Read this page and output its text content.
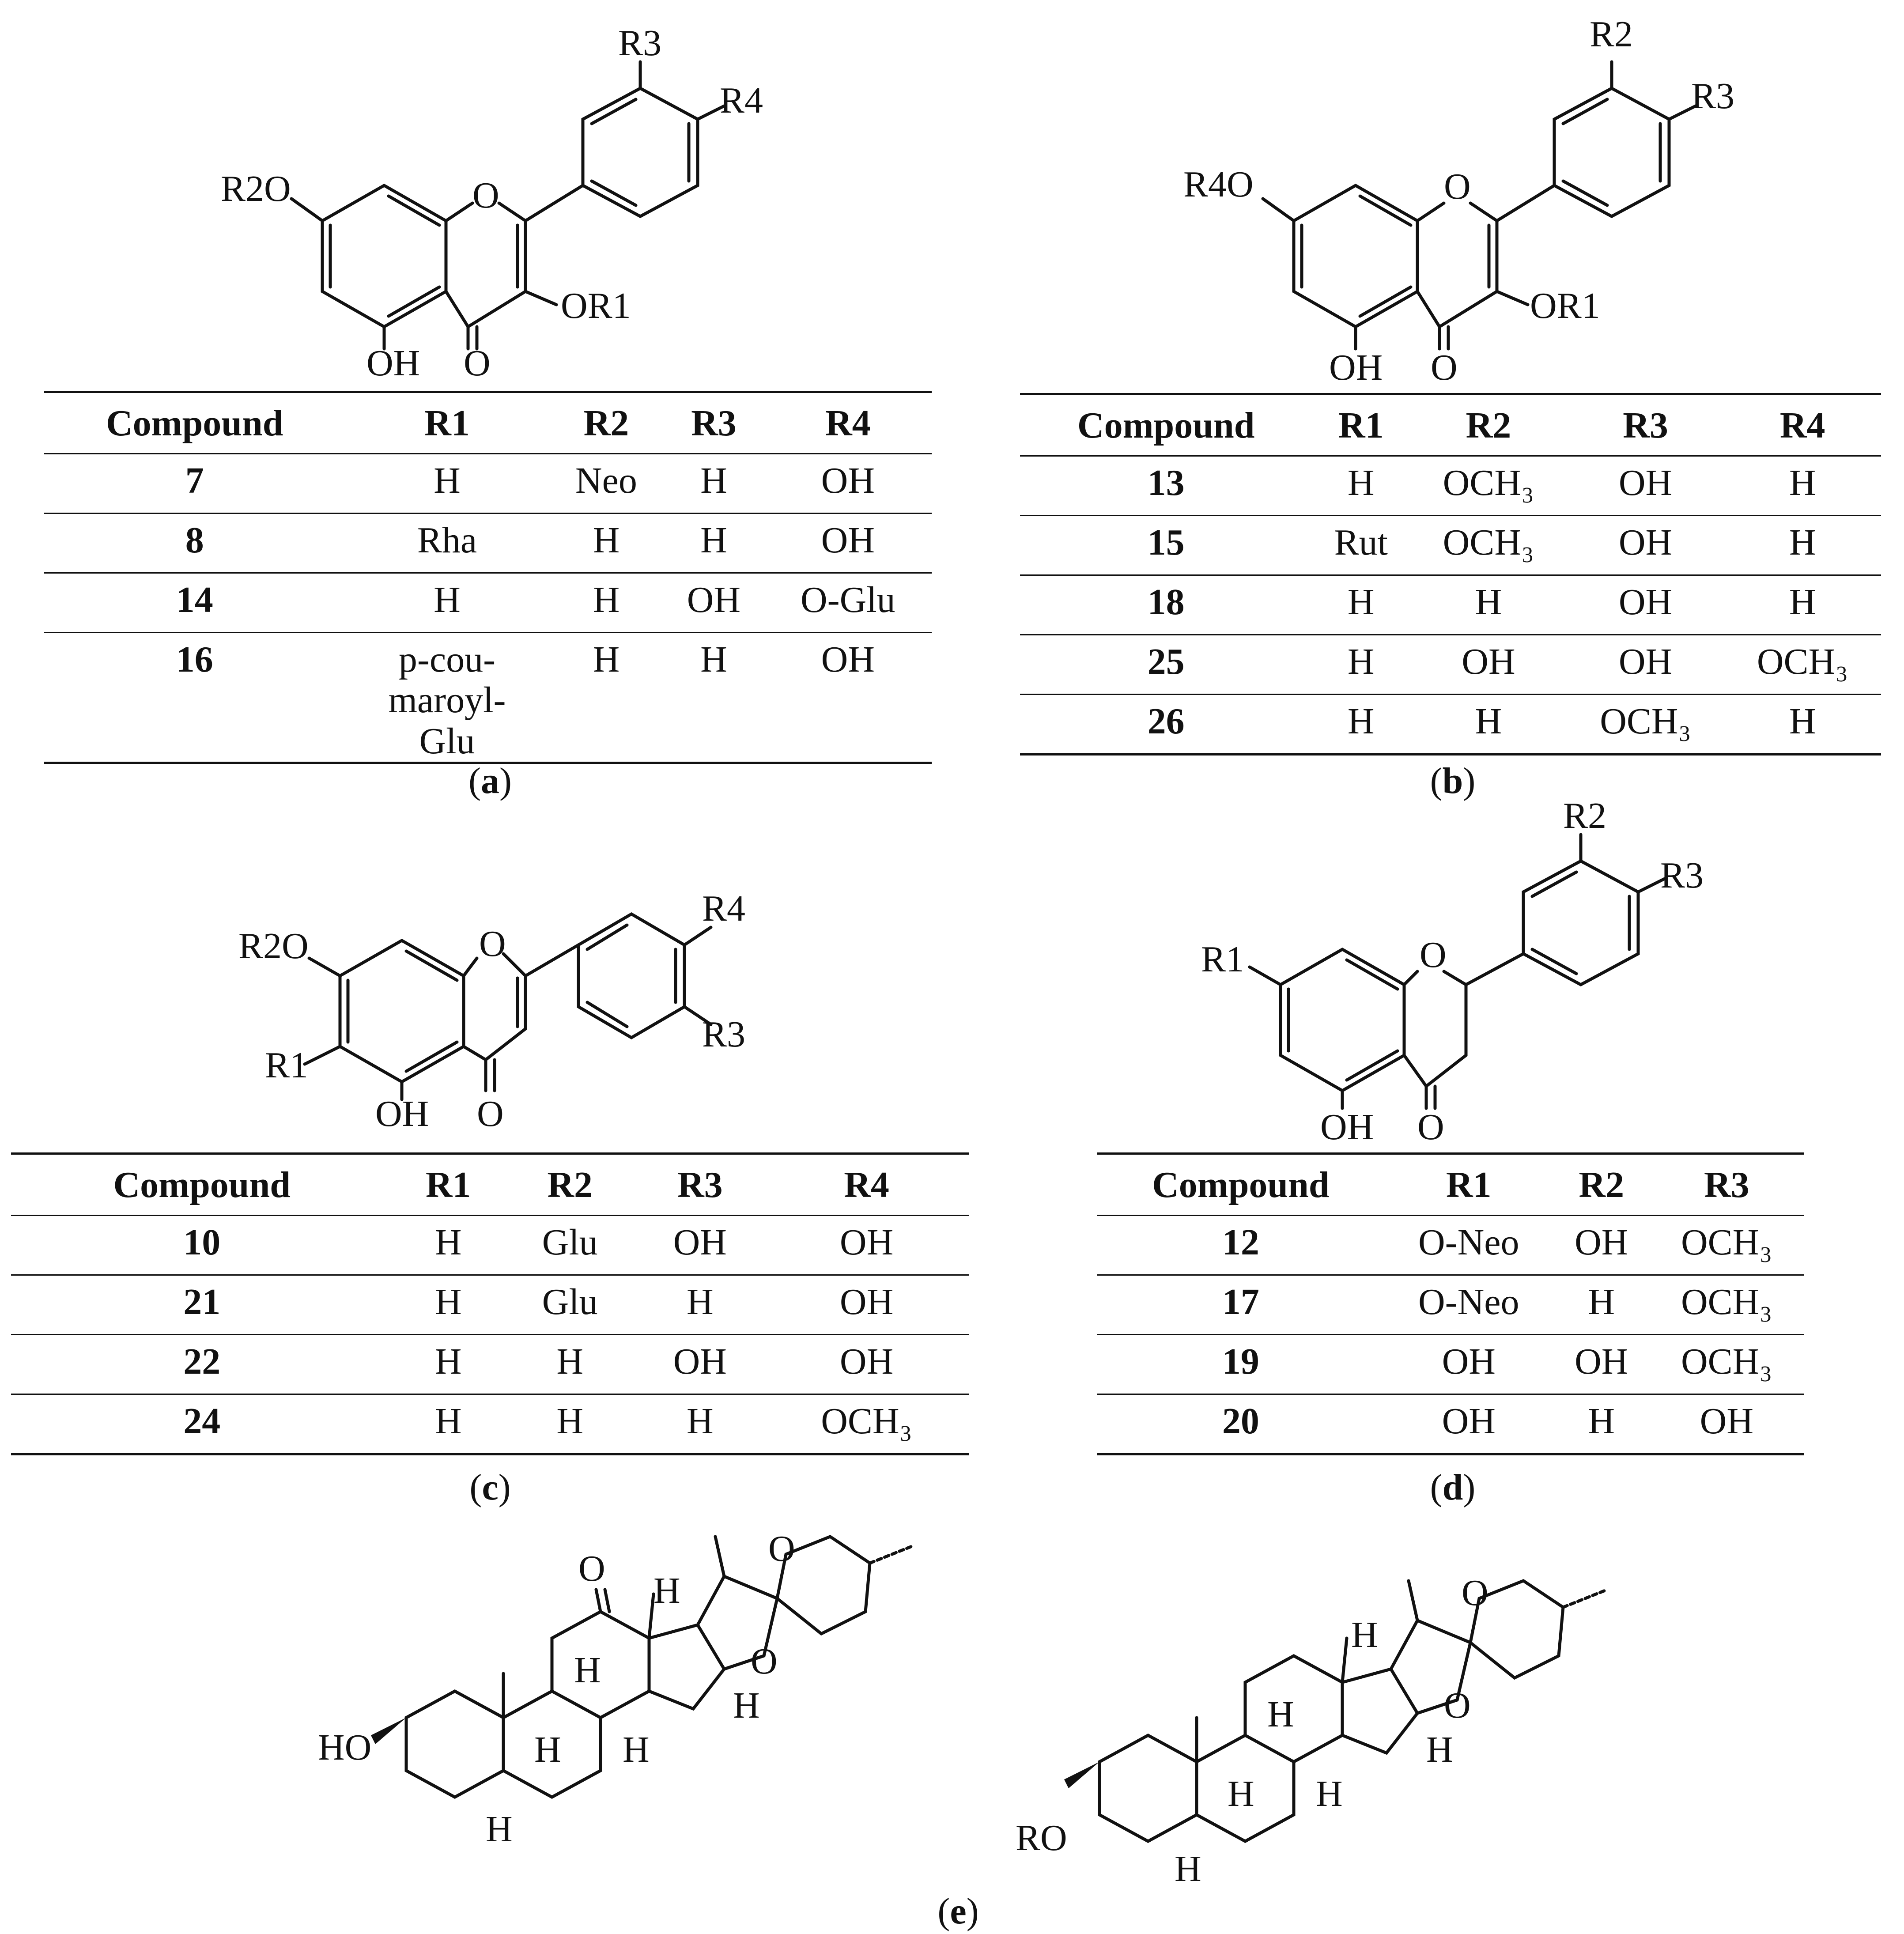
R3
R4
R2O	O
OR1
OH O
Compound	R1	R2	R3	R4
7	H	Neo	H	OH
8	Rha	H	H	OH
14	H	H	OH	O-Glu
16	p-cou-
maroyl-
Glu	H	H	OH
(a)
R2
R3
R4O	O
OR1
OH O
Compound	R1	R2	R3	R4
13	H	OCH₃	OH	H
15	Rut	OCH₃	OH	H
18	H	H	OH	H
25	H	OH	OH	OCH₃
26	H	H	OCH₃	H
(b)
R4
R3
R2O
R1
O
OH O
Compound	R1	R2	R3	R4
10	H	Glu	OH	OH
21	H	Glu	H	OH
22	H	H	OH	OH
24	H	H	H	OCH₃
(c)
R2
R3
R1	O
OH O
Compound	R1	R2	R3
12	O-Neo	OH	OCH₃
17	O-Neo	H	OCH₃
19	OH	OH	OCH₃
20	OH	H	OH
(d)
HO
O	O
O
H
H
H H
H
H	RO
O
O
H
H
H H
H
H
(e)
